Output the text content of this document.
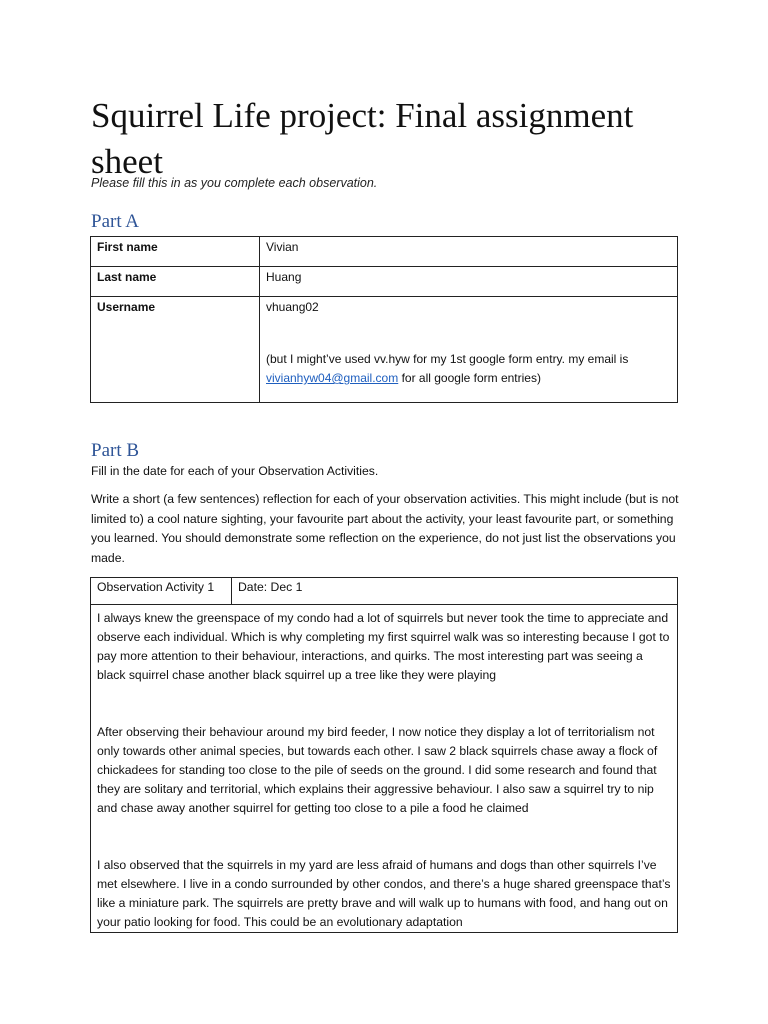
Squirrel Life project: Final assignment sheet
Please fill this in as you complete each observation.
Part A
First name	Vivian
Last name	Huang
Username	vhuang02
(but I might’ve used vv.hyw for my 1st google form entry. my email is vivianhyw04@gmail.com for all google form entries)
Part B

Fill in the date for each of your Observation Activities.

Write a short (a few sentences) reflection for each of your observation activities. This might include (but is not limited to) a cool nature sighting, your favourite part about the activity, your least favourite part, or something you learned. You should demonstrate some reflection on the experience, do not just list the observations you made.

Observation Activity 1	Date: Dec 1

I always knew the greenspace of my condo had a lot of squirrels but never took the time to appreciate and observe each individual. Which is why completing my first squirrel walk was so interesting because I got to pay more attention to their behaviour, interactions, and quirks. The most interesting part was seeing a black squirrel chase another black squirrel up a tree like they were playing

After observing their behaviour around my bird feeder, I now notice they display a lot of territorialism not only towards other animal species, but towards each other. I saw 2 black squirrels chase away a flock of chickadees for standing too close to the pile of seeds on the ground. I did some research and found that they are solitary and territorial, which explains their aggressive behaviour. I also saw a squirrel try to nip and chase away another squirrel for getting too close to a pile a food he claimed

I also observed that the squirrels in my yard are less afraid of humans and dogs than other squirrels I’ve met elsewhere. I live in a condo surrounded by other condos, and there’s a huge shared greenspace that’s like a miniature park. The squirrels are pretty brave and will walk up to humans with food, and hang out on your patio looking for food. This could be an evolutionary adaptation
